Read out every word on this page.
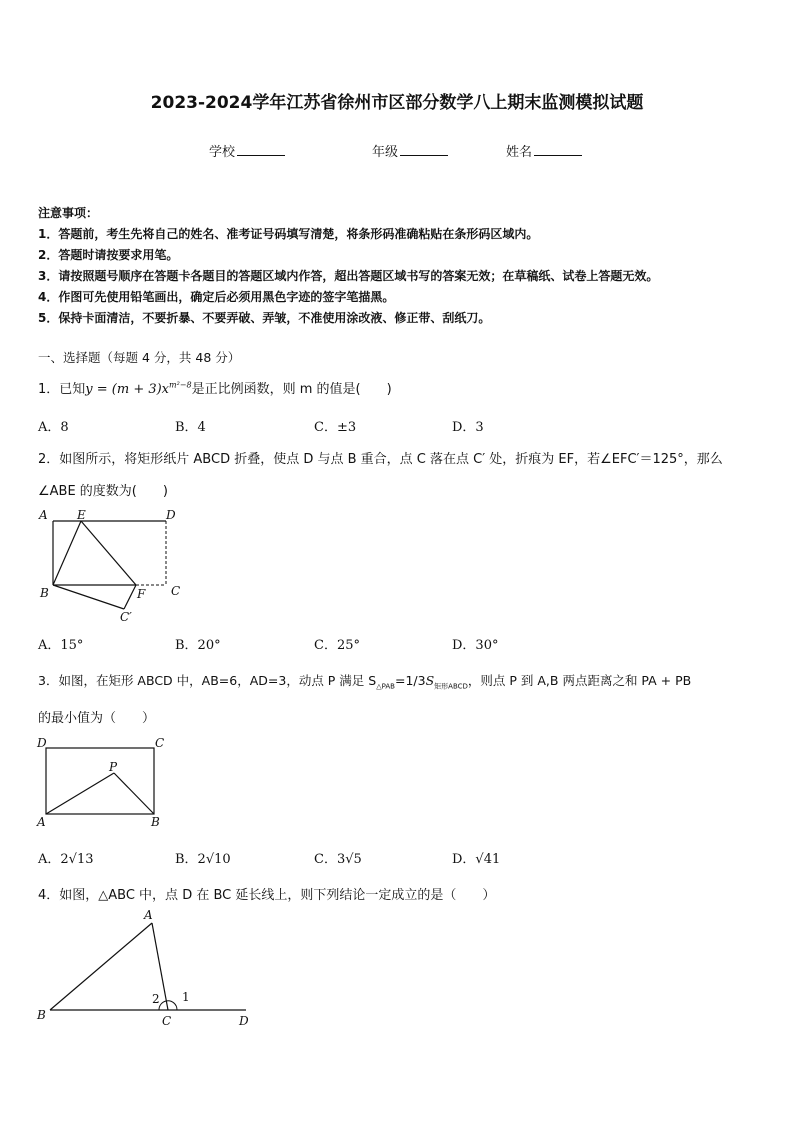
2023-2024学年江苏省徐州市区部分数学八上期末监测模拟试题
学校	年级	姓名
注意事项：
1．答题前，考生先将自己的姓名、准考证号码填写清楚，将条形码准确粘贴在条形码区域内。
2．答题时请按要求用笔。
3．请按照题号顺序在答题卡各题目的答题区域内作答，超出答题区域书写的答案无效；在草稿纸、试卷上答题无效。
4．作图可先使用铅笔画出，确定后必须用黑色字迹的签字笔描黑。
5．保持卡面清洁，不要折暴、不要弄破、弄皱，不准使用涂改液、修正带、刮纸刀。
一、选择题（每题 4 分，共 48 分）
1．已知$y = (m + 3)x^{m^2-8}$是正比例函数，则 m 的值是(　　)
A．8	B．4	C．±3	D．3
2．如图所示，将矩形纸片 ABCD 折叠，使点 D 与点 B 重合，点 C 落在点 C′ 处，折痕为 EF，若∠EFC′＝125°，那么
∠ABE 的度数为(　　)
A E	D
B	F C
C′
A．15°	B．20°	C．25°	D．30°
3．如图，在矩形 ABCD 中，AB=6，AD=3，动点 P 满足 $S_{\triangle PAB}=1/3S_{矩形ABCD}$，则点 P 到 A,B 两点距离之和 PA + PB
的最小值为（　　）
D	C
P
A	B
A．2√13	B．2√10	C．3√5	D．√41
4．如图，△ABC 中，点 D 在 BC 延长线上，则下列结论一定成立的是（　　）
A
B	C	D
1
2
